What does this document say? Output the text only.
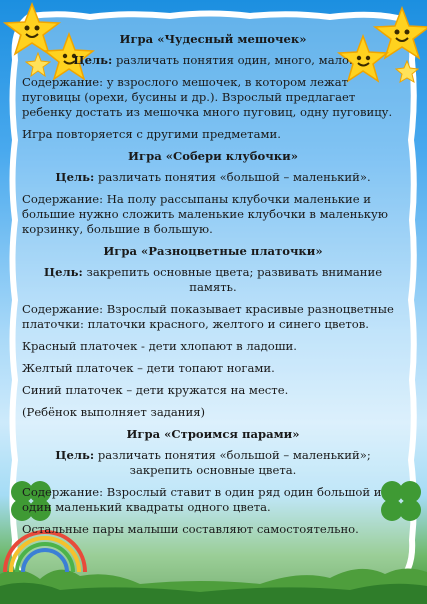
Игра «Чудесный мешочек»

Цель: различать понятия один, много, мало.

Содержание: у взрослого мешочек, в котором лежат пуговицы (орехи, бусины и др.). Взрослый предлагает ребенку достать из мешочка много пуговиц, одну пуговицу.

Игра повторяется с другими предметами.

Игра «Собери клубочки»

Цель: различать понятия «большой – маленький».

Содержание: На полу рассыпаны клубочки маленькие и большие нужно сложить маленькие клубочки в маленькую корзинку, большие в большую.

Игра «Разноцветные платочки»

Цель: закрепить основные цвета; развивать внимание память.

Содержание: Взрослый показывает красивые разноцветные платочки: платочки красного, желтого и синего цветов.

Красный платочек - дети хлопают в ладоши.

Желтый платочек – дети топают ногами.

Синий платочек – дети кружатся на месте.

(Ребёнок выполняет задания)

Игра «Строимся парами»

Цель: различать понятия «большой – маленький»; закрепить основные цвета.

Содержание: Взрослый ставит в один ряд один большой и один маленький квадраты одного цвета.

Остальные пары малыши составляют самостоятельно.
